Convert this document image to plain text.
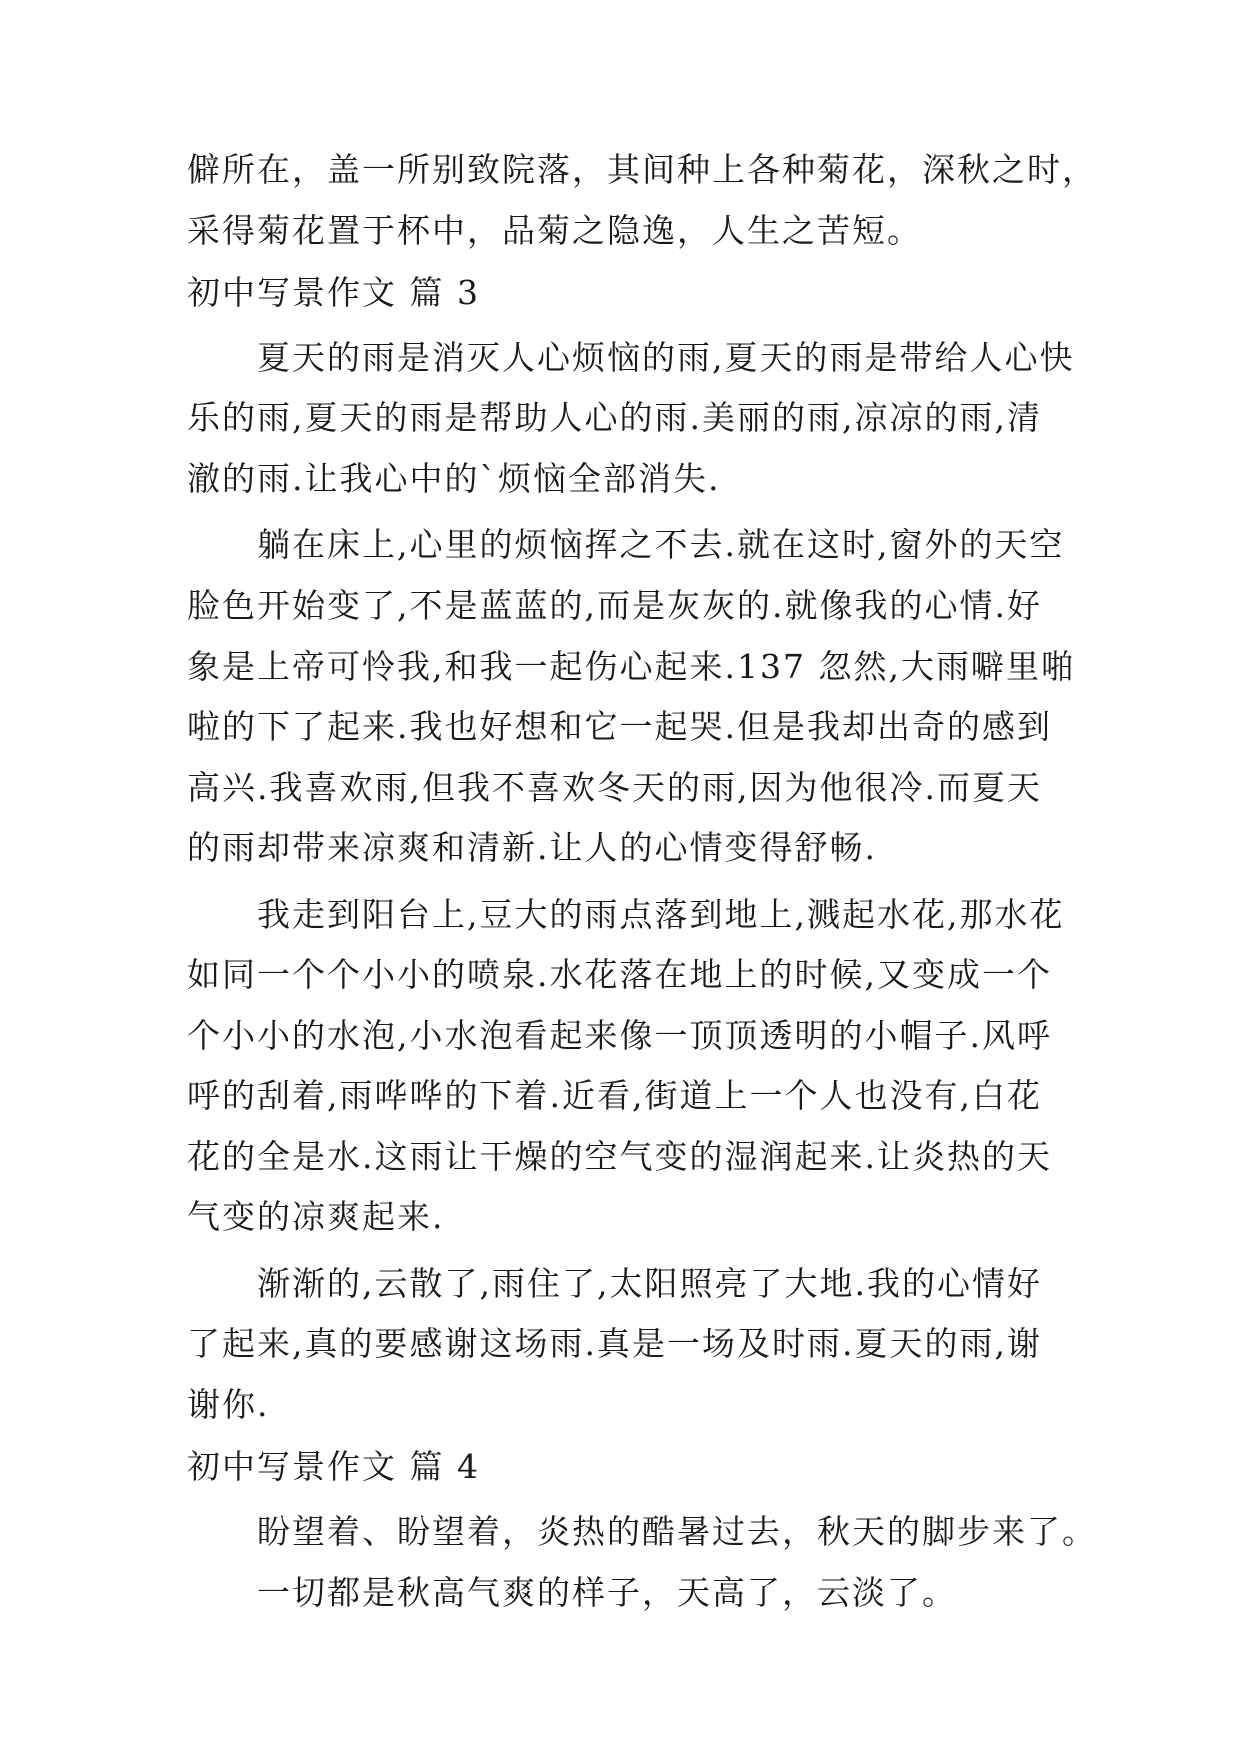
僻所在，盖一所别致院落，其间种上各种菊花，深秋之时，
采得菊花置于杯中，品菊之隐逸，人生之苦短。
初中写景作文 篇 3
夏天的雨是消灭人心烦恼的雨,夏天的雨是带给人心快
乐的雨,夏天的雨是帮助人心的雨.美丽的雨,凉凉的雨,清
澈的雨.让我心中的`烦恼全部消失.
躺在床上,心里的烦恼挥之不去.就在这时,窗外的天空
脸色开始变了,不是蓝蓝的,而是灰灰的.就像我的心情.好
象是上帝可怜我,和我一起伤心起来.137 忽然,大雨噼里啪
啦的下了起来.我也好想和它一起哭.但是我却出奇的感到
高兴.我喜欢雨,但我不喜欢冬天的雨,因为他很冷.而夏天
的雨却带来凉爽和清新.让人的心情变得舒畅.
我走到阳台上,豆大的雨点落到地上,溅起水花,那水花
如同一个个小小的喷泉.水花落在地上的时候,又变成一个
个小小的水泡,小水泡看起来像一顶顶透明的小帽子.风呼
呼的刮着,雨哗哗的下着.近看,街道上一个人也没有,白花
花的全是水.这雨让干燥的空气变的湿润起来.让炎热的天
气变的凉爽起来.
渐渐的,云散了,雨住了,太阳照亮了大地.我的心情好
了起来,真的要感谢这场雨.真是一场及时雨.夏天的雨,谢
谢你.
初中写景作文 篇 4
盼望着、盼望着，炎热的酷暑过去，秋天的脚步来了。
一切都是秋高气爽的样子，天高了，云淡了。
